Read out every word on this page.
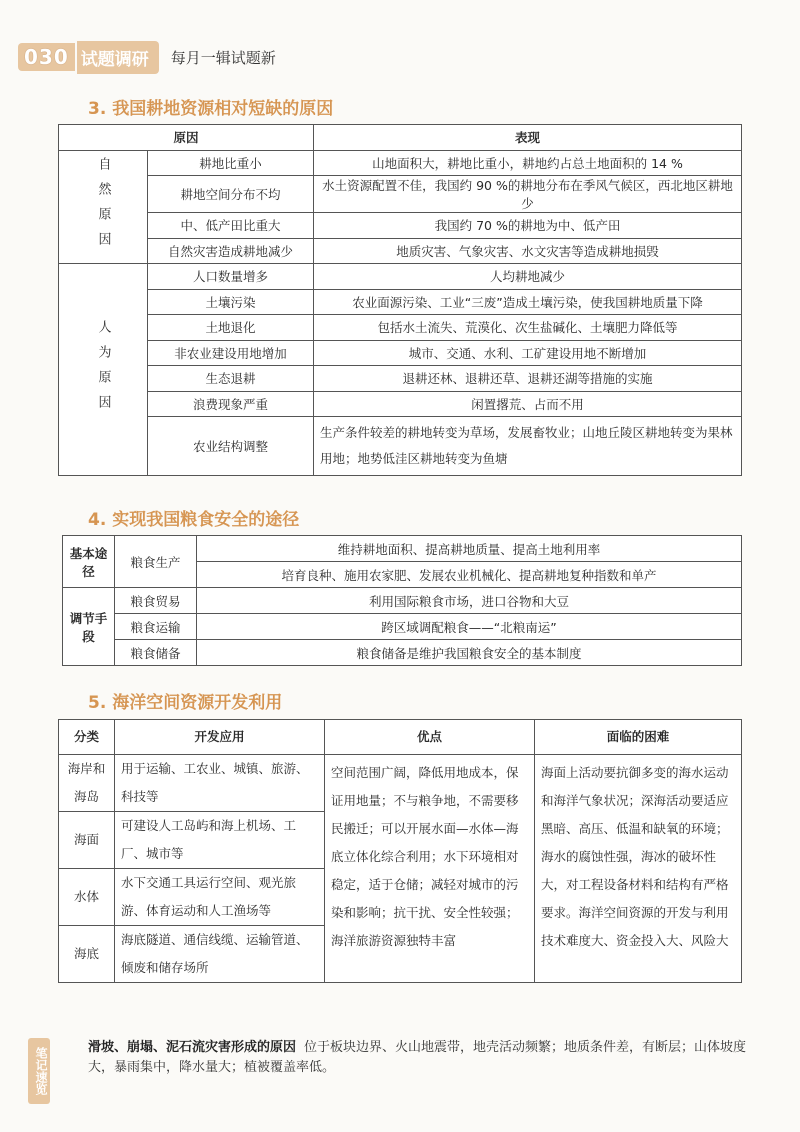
030 试题调研	每月一辑试题新
3. 我国耕地资源相对短缺的原因
原因		表现
自然原因	耕地比重小	山地面积大，耕地比重小，耕地约占总土地面积的 14 %
	耕地空间分布不均	水土资源配置不佳，我国约 90 %的耕地分布在季风气候区，西北地区耕地少
	中、低产田比重大	我国约 70 %的耕地为中、低产田
	自然灾害造成耕地减少	地质灾害、气象灾害、水文灾害等造成耕地损毁
人为原因	人口数量增多	人均耕地减少
	土壤污染	农业面源污染、工业“三废”造成土壤污染，使我国耕地质量下降
	土地退化	包括水土流失、荒漠化、次生盐碱化、土壤肥力降低等
	非农业建设用地增加	城市、交通、水利、工矿建设用地不断增加
	生态退耕	退耕还林、退耕还草、退耕还湖等措施的实施
	浪费现象严重	闲置撂荒、占而不用
	农业结构调整	生产条件较差的耕地转变为草场，发展畜牧业；山地丘陵区耕地转变为果林用地；地势低洼区耕地转变为鱼塘
4. 实现我国粮食安全的途径
基本途径	粮食生产	维持耕地面积、提高耕地质量、提高土地利用率
		培育良种、施用农家肥、发展农业机械化、提高耕地复种指数和单产
调节手段	粮食贸易	利用国际粮食市场，进口谷物和大豆
	粮食运输	跨区域调配粮食——“北粮南运”
	粮食储备	粮食储备是维护我国粮食安全的基本制度
5. 海洋空间资源开发利用
分类	开发应用	优点	面临的困难
海岸和海岛	用于运输、工农业、城镇、旅游、科技等	空间范围广阔，降低用地成本，保证用地量；不与粮争地，不需要移民搬迁；可以开展水面—水体—海底立体化综合利用；水下环境相对稳定，适于仓储；减轻对城市的污染和影响；抗干扰、安全性较强；海洋旅游资源独特丰富	海面上活动要抗御多变的海水运动和海洋气象状况；深海活动要适应黑暗、高压、低温和缺氧的环境；海水的腐蚀性强，海冰的破坏性大，对工程设备材料和结构有严格要求。海洋空间资源的开发与利用技术难度大、资金投入大、风险大
海面	可建设人工岛屿和海上机场、工厂、城市等		
水体	水下交通工具运行空间、观光旅游、体育运动和人工渔场等		
海底	海底隧道、通信线缆、运输管道、倾废和储存场所		
笔记速览	滑坡、崩塌、泥石流灾害形成的原因 位于板块边界、火山地震带，地壳活动频繁；地质条件差，有断层；山体坡度大，暴雨集中，降水量大；植被覆盖率低。
